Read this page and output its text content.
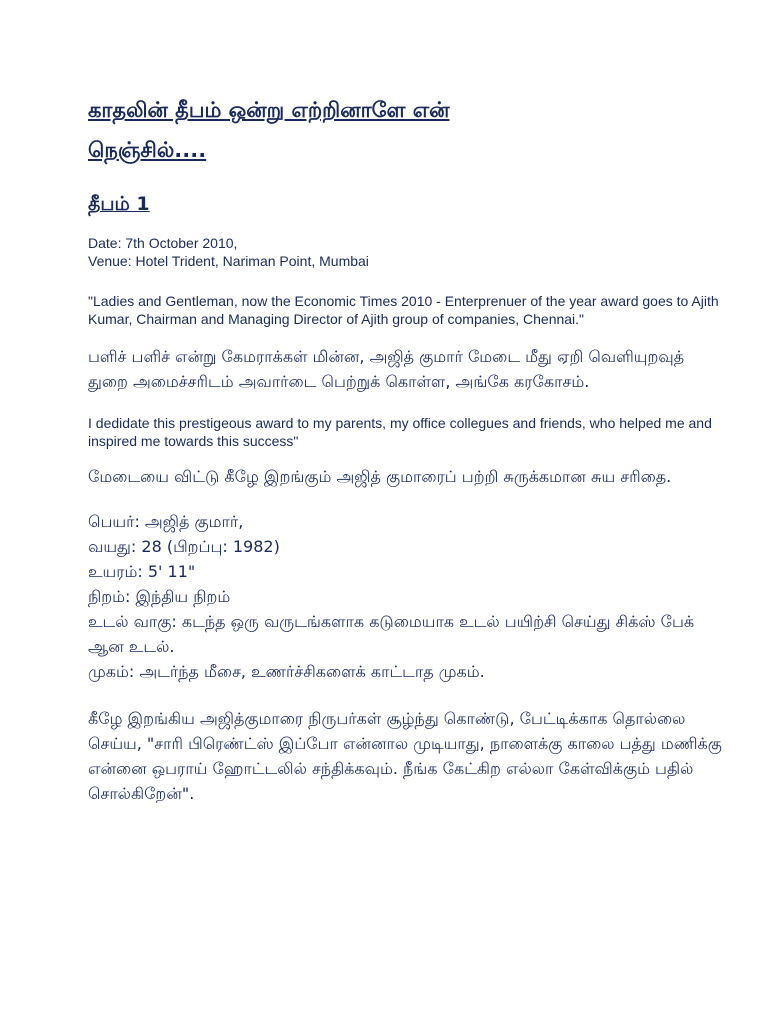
காதலின் தீபம் ஒன்று எற்றினாளே என் நெஞ்சில்....
தீபம் 1

Date: 7th October 2010,

Venue: Hotel Trident, Nariman Point, Mumbai

"Ladies and Gentleman, now the Economic Times 2010 - Enterprenuer of the year award goes to Ajith Kumar, Chairman and Managing Director of Ajith group of companies, Chennai."

பளிச் பளிச் என்று கேமராக்கள் மின்ன, அஜித் குமார் மேடை மீது ஏறி வெளியுறவுத் துறை அமைச்சரிடம் அவார்டை பெற்றுக் கொள்ள, அங்கே கரகோசம்.

I dedidate this prestigeous award to my parents, my office collegues and friends, who helped me and inspired me towards this success"

மேடையை விட்டு கீழே இறங்கும் அஜித் குமாரைப் பற்றி சுருக்கமான சுய சரிதை.

பெயர்: அஜித் குமார்,

வயது: 28 (பிறப்பு: 1982)

உயரம்: 5' 11"

நிறம்: இந்திய நிறம்

உடல் வாகு: கடந்த ஒரு வருடங்களாக கடுமையாக உடல் பயிற்சி செய்து சிக்ஸ் பேக் ஆன உடல்.

முகம்: அடர்ந்த மீசை, உணர்ச்சிகளைக் காட்டாத முகம்.

கீழே இறங்கிய அஜித்குமாரை நிருபர்கள் சூழ்ந்து கொண்டு, பேட்டிக்காக தொல்லை செய்ய, "சாரி பிரெண்ட்ஸ் இப்போ என்னால முடியாது, நாளைக்கு காலை பத்து மணிக்கு என்னை ஒபராய் ஹோட்டலில் சந்திக்கவும். நீங்க கேட்கிற எல்லா கேள்விக்கும் பதில் சொல்கிறேன்".
